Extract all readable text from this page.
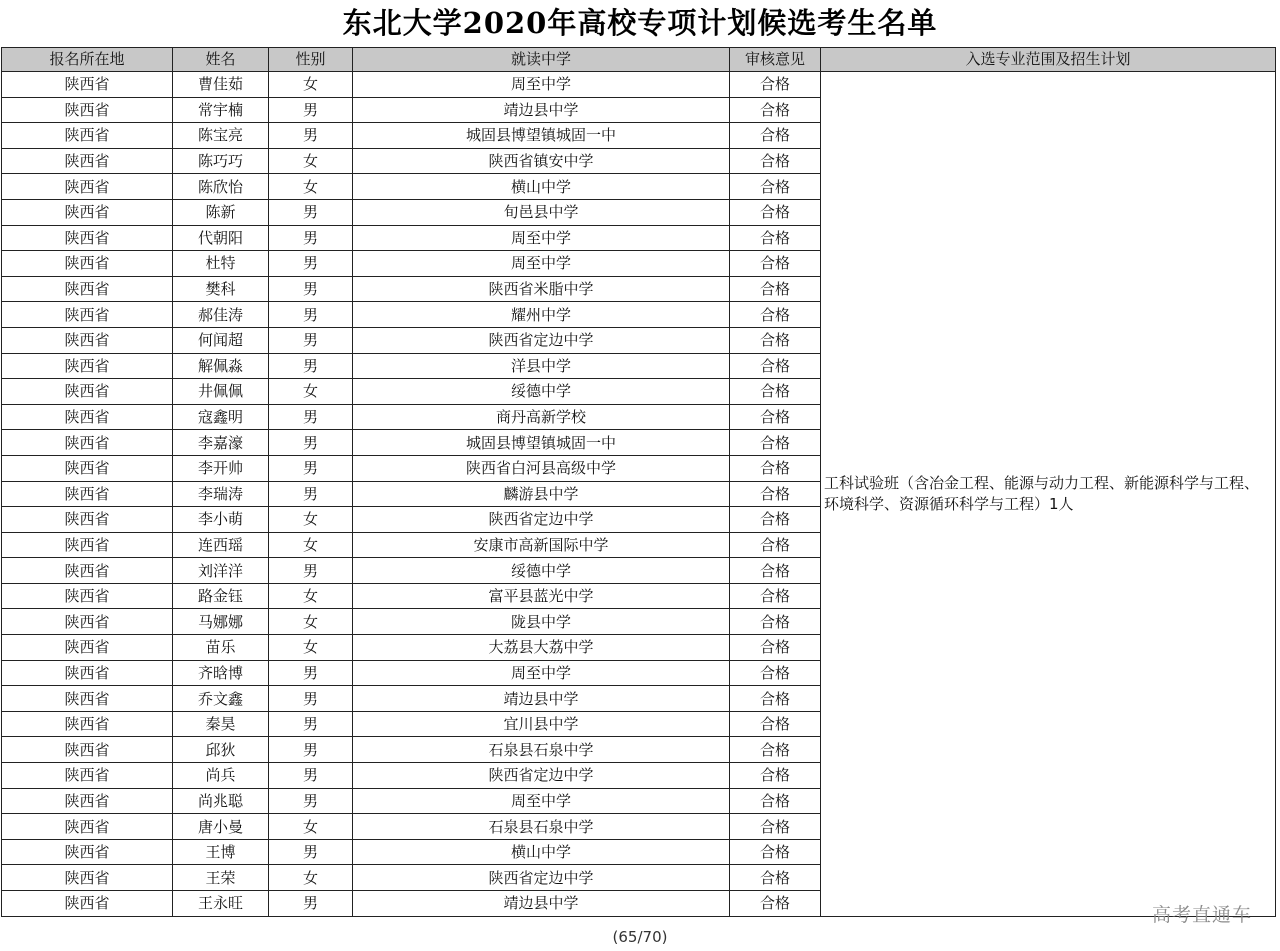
东北大学2020年高校专项计划候选考生名单
报名所在地	姓名	性别	就读中学	审核意见	入选专业范围及招生计划
陕西省	曹佳茹	女	周至中学	合格	工科试验班（含冶金工程、能源与动力工程、新能源科学与工程、环境科学、资源循环科学与工程）1人
陕西省	常宇楠	男	靖边县中学	合格	
陕西省	陈宝亮	男	城固县博望镇城固一中	合格	
陕西省	陈巧巧	女	陕西省镇安中学	合格	
陕西省	陈欣怡	女	横山中学	合格	
陕西省	陈新	男	旬邑县中学	合格	
陕西省	代朝阳	男	周至中学	合格	
陕西省	杜特	男	周至中学	合格	
陕西省	樊科	男	陕西省米脂中学	合格	
陕西省	郝佳涛	男	耀州中学	合格	
陕西省	何闻超	男	陕西省定边中学	合格	
陕西省	解佩淼	男	洋县中学	合格	
陕西省	井佩佩	女	绥德中学	合格	
陕西省	寇鑫明	男	商丹高新学校	合格	
陕西省	李嘉濠	男	城固县博望镇城固一中	合格	
陕西省	李开帅	男	陕西省白河县高级中学	合格	
陕西省	李瑞涛	男	麟游县中学	合格	
陕西省	李小萌	女	陕西省定边中学	合格	
陕西省	连西瑶	女	安康市高新国际中学	合格	
陕西省	刘洋洋	男	绥德中学	合格	
陕西省	路金钰	女	富平县蓝光中学	合格	
陕西省	马娜娜	女	陇县中学	合格	
陕西省	苗乐	女	大荔县大荔中学	合格	
陕西省	齐晗博	男	周至中学	合格	
陕西省	乔文鑫	男	靖边县中学	合格	
陕西省	秦昊	男	宜川县中学	合格	
陕西省	邱狄	男	石泉县石泉中学	合格	
陕西省	尚兵	男	陕西省定边中学	合格	
陕西省	尚兆聪	男	周至中学	合格	
陕西省	唐小曼	女	石泉县石泉中学	合格	
陕西省	王博	男	横山中学	合格	
陕西省	王荣	女	陕西省定边中学	合格	
陕西省	王永旺	男	靖边县中学	合格	
(65/70)
高考直通车
